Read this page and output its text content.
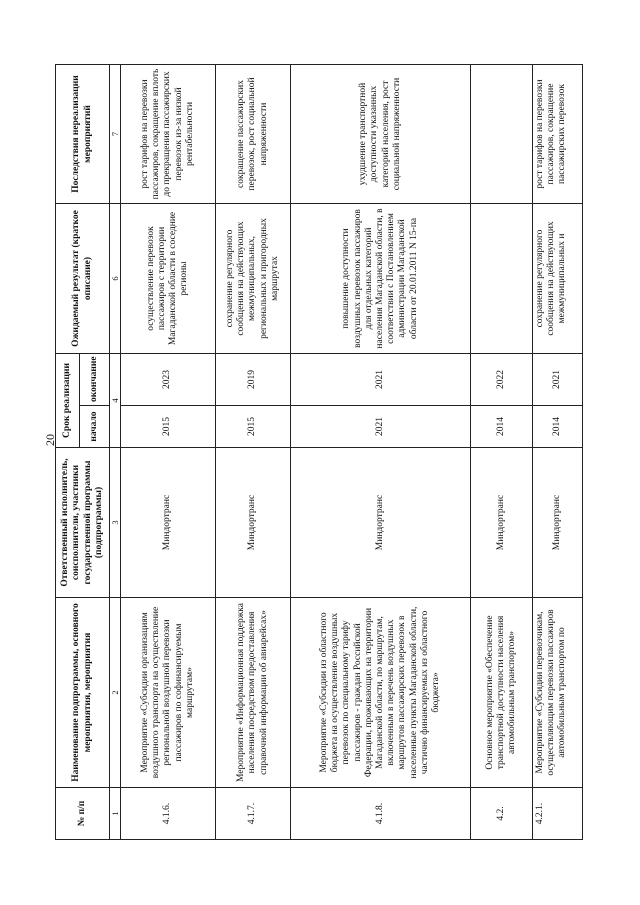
20
№ п/п	Наименование подпрограммы, основного мероприятия, мероприятия	Ответственный исполнитель, соисполнители, участники государственной программы (подпрограммы)	Срок реализации		Ожидаемый результат (краткое описание)	Последствия нереализации мероприятий
			начало	окончание		
1	2	3	4		6	7
4.1.6.	Мероприятие «Субсидии организациям воздушного транспорта на осуществление региональной воздушной перевозки пассажиров по софинансируемым маршрутам»	Миндортранс	2015	2023	осуществление перевозок пассажиров с территории Магаданской области в соседние регионы	рост тарифов на перевозки пассажиров, сокращение вплоть до прекращения пассажирских перевозок из-за низкой рентабельности
4.1.7.	Мероприятие «Информационная поддержка населения посредством предоставления справочной информации об авиарейсах»	Миндортранс	2015	2019	сохранение регулярного сообщения на действующих межмуниципальных, региональных и пригородных маршрутах	сокращение пассажирских перевозок, рост социальной напряженности
4.1.8.	Мероприятие «Субсидии из областного бюджета на осуществление воздушных перевозок по специальному тарифу пассажиров - граждан Российской Федерации, проживающих на территории Магаданской области, по маршрутам, включенным в перечень воздушных маршрутов пассажирских перевозок в населенные пункты Магаданской области, частично финансируемых из областного бюджета»	Миндортранс	2021	2021	повышение доступности воздушных перевозок пассажиров для отдельных категорий населения Магаданской области, в соответствии с Постановлением администрации Магаданской области от 20.01.2011 N 15-па	ухудшение транспортной доступности указанных категорий населения, рост социальной напряженности
4.2.	Основное мероприятие «Обеспечение транспортной доступности населения автомобильным транспортом»	Миндортранс	2014	2022		
4.2.1.	Мероприятие «Субсидии перевозчикам, осуществляющим перевозки пассажиров автомобильным транспортом по	Миндортранс	2014	2021	сохранение регулярного сообщения на действующих межмуниципальных и	рост тарифов на перевозки пассажиров, сокращение пассажирских перевозок
